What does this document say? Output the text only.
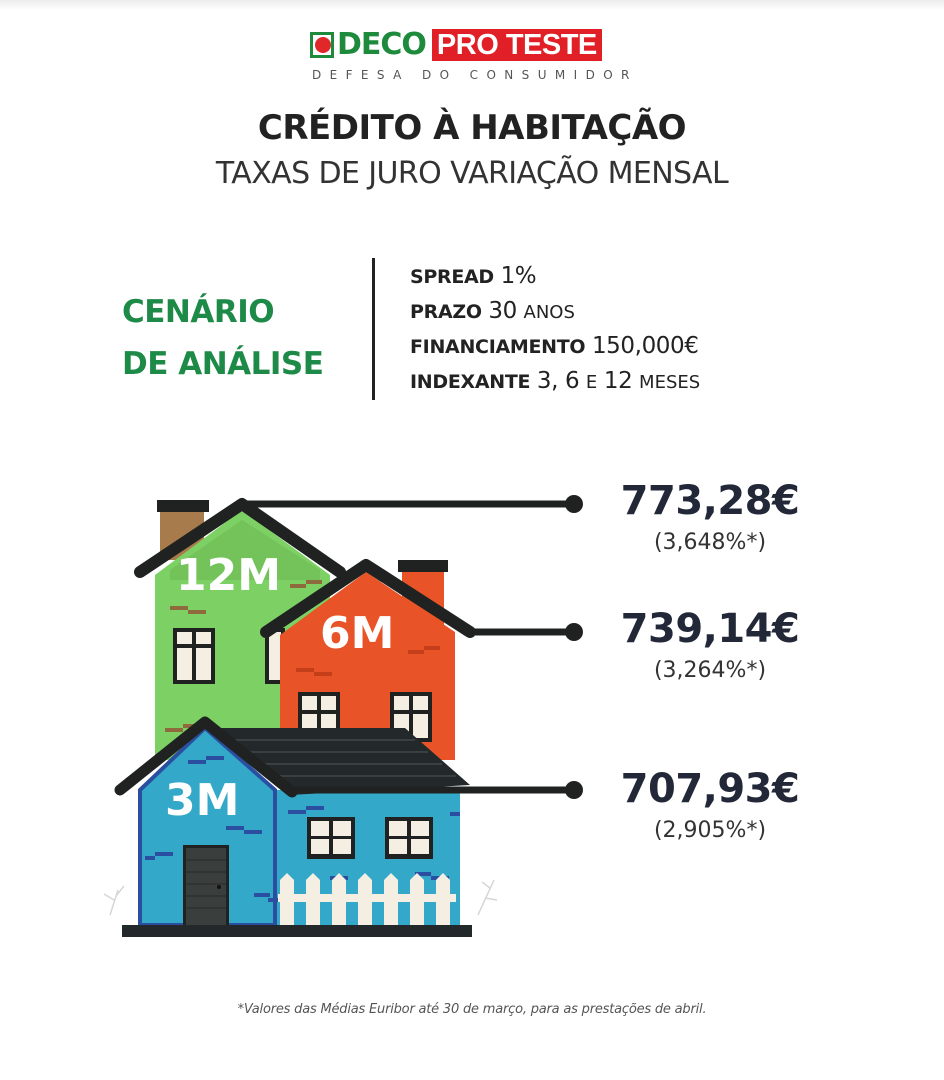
DECO PRO TESTE
DEFESA DO CONSUMIDOR
CRÉDITO À HABITAÇÃO
TAXAS DE JURO VARIAÇÃO MENSAL
CENÁRIO
DE ANÁLISE
SPREAD 1%
PRAZO 30 ANOS
FINANCIAMENTO 150,000€
INDEXANTE 3, 6 E 12 MESES
12M
6M
3M
773,28€
(3,648%*)
739,14€
(3,264%*)
707,93€
(2,905%*)
*Valores das Médias Euribor até 30 de março, para as prestações de abril.
